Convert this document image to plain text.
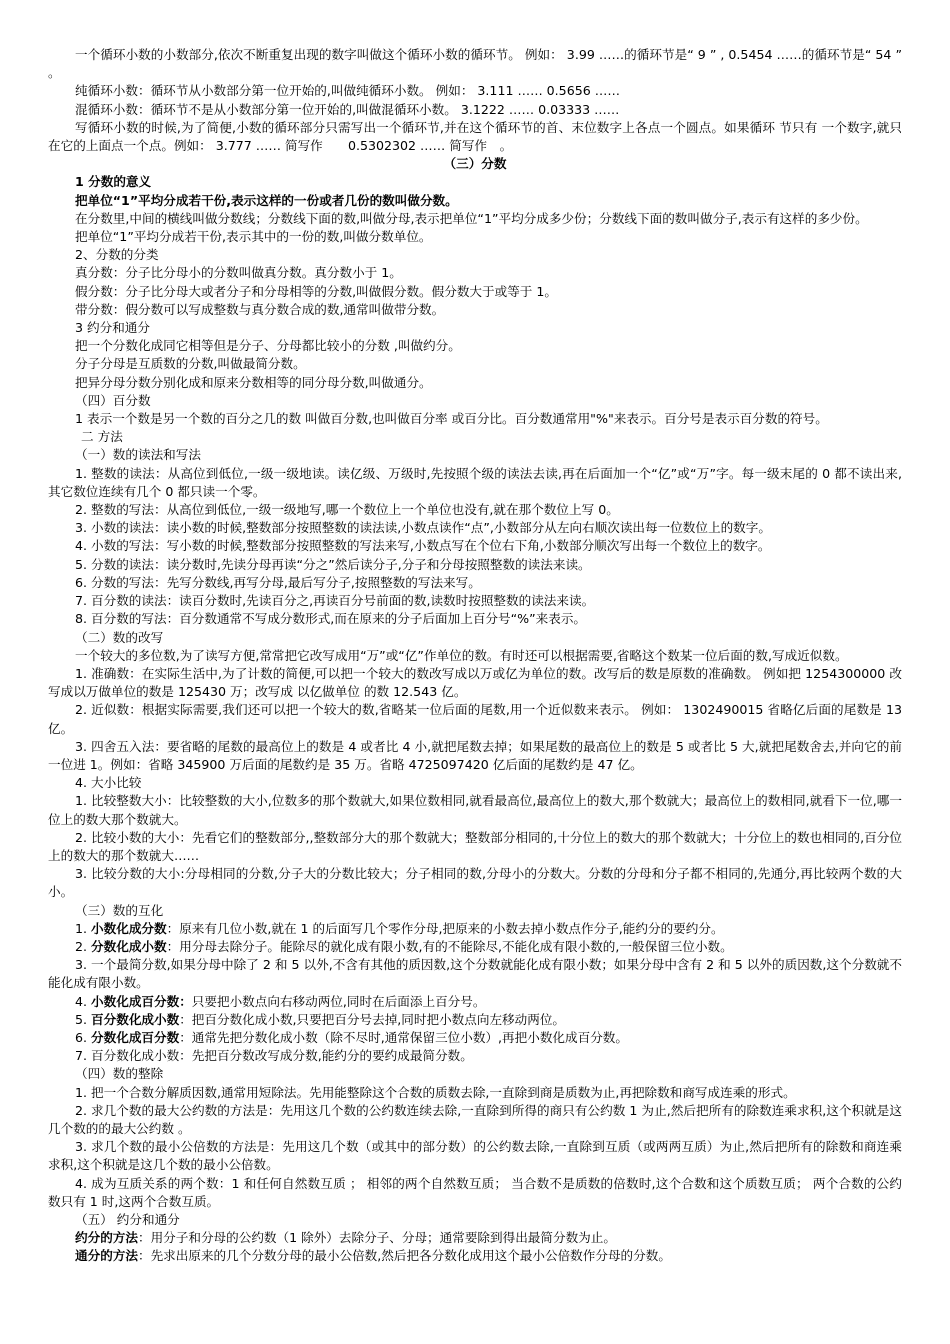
一个循环小数的小数部分,依次不断重复出现的数字叫做这个循环小数的循环节。 例如： 3.99 ……的循环节是“ 9 ” , 0.5454 ……的循环节是“ 54 ” 。

纯循环小数：循环节从小数部分第一位开始的,叫做纯循环小数。 例如： 3.111 …… 0.5656 ……

混循环小数：循环节不是从小数部分第一位开始的,叫做混循环小数。 3.1222 …… 0.03333 ……

写循环小数的时候,为了简便,小数的循环部分只需写出一个循环节,并在这个循环节的首、末位数字上各点一个圆点。如果循环 节只有 一个数字,就只在它的上面点一个点。例如： 3.777 …… 简写作　　0.5302302 …… 简写作　。

（三）分数

1 分数的意义

把单位“1”平均分成若干份,表示这样的一份或者几份的数叫做分数。

在分数里,中间的横线叫做分数线；分数线下面的数,叫做分母,表示把单位“1”平均分成多少份；分数线下面的数叫做分子,表示有这样的多少份。

把单位“1”平均分成若干份,表示其中的一份的数,叫做分数单位。

2、分数的分类

真分数：分子比分母小的分数叫做真分数。真分数小于 1。

假分数：分子比分母大或者分子和分母相等的分数,叫做假分数。假分数大于或等于 1。

带分数：假分数可以写成整数与真分数合成的数,通常叫做带分数。

3 约分和通分

把一个分数化成同它相等但是分子、分母都比较小的分数 ,叫做约分。

分子分母是互质数的分数,叫做最简分数。

把异分母分数分别化成和原来分数相等的同分母分数,叫做通分。

（四）百分数

1 表示一个数是另一个数的百分之几的数 叫做百分数,也叫做百分率 或百分比。百分数通常用"%"来表示。百分号是表示百分数的符号。

二 方法

（一）数的读法和写法

1. 整数的读法：从高位到低位,一级一级地读。读亿级、万级时,先按照个级的读法去读,再在后面加一个“亿”或“万”字。每一级末尾的 0 都不读出来,其它数位连续有几个 0 都只读一个零。

2. 整数的写法：从高位到低位,一级一级地写,哪一个数位上一个单位也没有,就在那个数位上写 0。

3. 小数的读法：读小数的时候,整数部分按照整数的读法读,小数点读作“点”,小数部分从左向右顺次读出每一位数位上的数字。

4. 小数的写法：写小数的时候,整数部分按照整数的写法来写,小数点写在个位右下角,小数部分顺次写出每一个数位上的数字。

5. 分数的读法：读分数时,先读分母再读“分之”然后读分子,分子和分母按照整数的读法来读。

6. 分数的写法：先写分数线,再写分母,最后写分子,按照整数的写法来写。

7. 百分数的读法：读百分数时,先读百分之,再读百分号前面的数,读数时按照整数的读法来读。

8. 百分数的写法：百分数通常不写成分数形式,而在原来的分子后面加上百分号“%”来表示。

（二）数的改写

一个较大的多位数,为了读写方便,常常把它改写成用“万”或“亿”作单位的数。有时还可以根据需要,省略这个数某一位后面的数,写成近似数。

1. 准确数：在实际生活中,为了计数的简便,可以把一个较大的数改写成以万或亿为单位的数。改写后的数是原数的准确数。 例如把 1254300000 改写成以万做单位的数是 125430 万；改写成 以亿做单位 的数 12.543 亿。

2. 近似数：根据实际需要,我们还可以把一个较大的数,省略某一位后面的尾数,用一个近似数来表示。 例如： 1302490015 省略亿后面的尾数是 13 亿。

3. 四舍五入法：要省略的尾数的最高位上的数是 4 或者比 4 小,就把尾数去掉；如果尾数的最高位上的数是 5 或者比 5 大,就把尾数舍去,并向它的前一位进 1。例如：省略 345900 万后面的尾数约是 35 万。省略 4725097420 亿后面的尾数约是 47 亿。

4. 大小比较

1. 比较整数大小：比较整数的大小,位数多的那个数就大,如果位数相同,就看最高位,最高位上的数大,那个数就大；最高位上的数相同,就看下一位,哪一位上的数大那个数就大。

2. 比较小数的大小：先看它们的整数部分,,整数部分大的那个数就大；整数部分相同的,十分位上的数大的那个数就大；十分位上的数也相同的,百分位上的数大的那个数就大……

3. 比较分数的大小:分母相同的分数,分子大的分数比较大；分子相同的数,分母小的分数大。分数的分母和分子都不相同的,先通分,再比较两个数的大小。

（三）数的互化

1. 小数化成分数：原来有几位小数,就在 1 的后面写几个零作分母,把原来的小数去掉小数点作分子,能约分的要约分。

2. 分数化成小数：用分母去除分子。能除尽的就化成有限小数,有的不能除尽,不能化成有限小数的,一般保留三位小数。

3. 一个最简分数,如果分母中除了 2 和 5 以外,不含有其他的质因数,这个分数就能化成有限小数；如果分母中含有 2 和 5 以外的质因数,这个分数就不能化成有限小数。

4. 小数化成百分数：只要把小数点向右移动两位,同时在后面添上百分号。

5. 百分数化成小数：把百分数化成小数,只要把百分号去掉,同时把小数点向左移动两位。

6. 分数化成百分数：通常先把分数化成小数（除不尽时,通常保留三位小数）,再把小数化成百分数。

7. 百分数化成小数：先把百分数改写成分数,能约分的要约成最简分数。

（四）数的整除

1. 把一个合数分解质因数,通常用短除法。先用能整除这个合数的质数去除,一直除到商是质数为止,再把除数和商写成连乘的形式。

2. 求几个数的最大公约数的方法是：先用这几个数的公约数连续去除,一直除到所得的商只有公约数 1 为止,然后把所有的除数连乘求积,这个积就是这几个数的的最大公约数 。

3. 求几个数的最小公倍数的方法是：先用这几个数（或其中的部分数）的公约数去除,一直除到互质（或两两互质）为止,然后把所有的除数和商连乘求积,这个积就是这几个数的最小公倍数。

4. 成为互质关系的两个数：1 和任何自然数互质 ； 相邻的两个自然数互质； 当合数不是质数的倍数时,这个合数和这个质数互质； 两个合数的公约数只有 1 时,这两个合数互质。

（五） 约分和通分

约分的方法：用分子和分母的公约数（1 除外）去除分子、分母；通常要除到得出最简分数为止。

通分的方法：先求出原来的几个分数分母的最小公倍数,然后把各分数化成用这个最小公倍数作分母的分数。
